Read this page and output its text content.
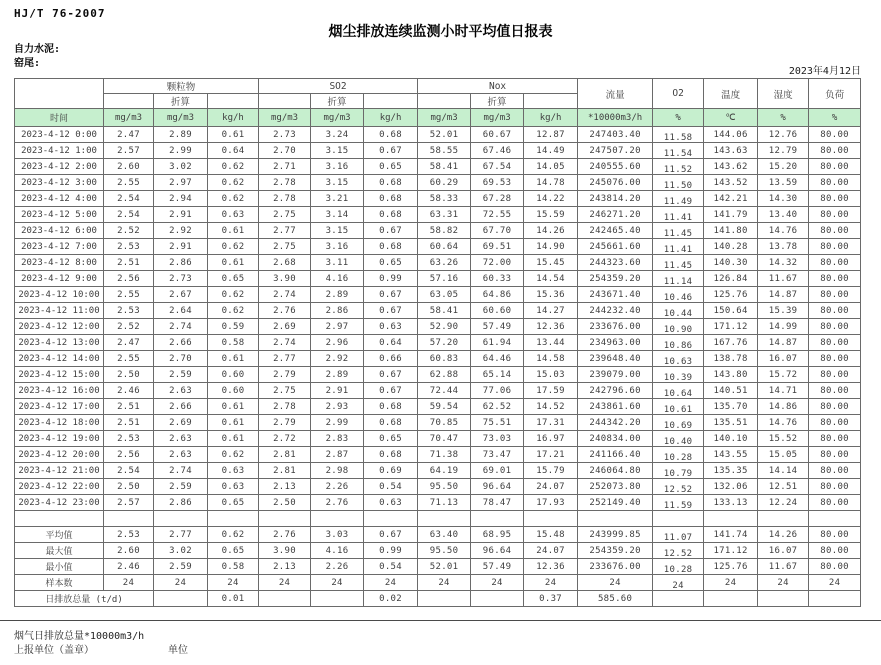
HJ/T 76-2007
烟尘排放连续监测小时平均值日报表
自力水泥:
窑尾:
2023年4月12日
	颗粒物			SO2			Nox			流量	O2	温度	湿度	负荷
		折算			折算			折算						
时间	mg/m3	mg/m3	kg/h	mg/m3	mg/m3	kg/h	mg/m3	mg/m3	kg/h	*10000m3/h	%	℃	%	%
2023-4-12 0:00	2.47	2.89	0.61	2.73	3.24	0.68	52.01	60.67	12.87	247403.40	11.58	144.06	12.76	80.00
2023-4-12 1:00	2.57	2.99	0.64	2.70	3.15	0.67	58.55	67.46	14.49	247507.20	11.54	143.63	12.79	80.00
2023-4-12 2:00	2.60	3.02	0.62	2.71	3.16	0.65	58.41	67.54	14.05	240555.60	11.52	143.62	15.20	80.00
2023-4-12 3:00	2.55	2.97	0.62	2.78	3.15	0.68	60.29	69.53	14.78	245076.00	11.50	143.52	13.59	80.00
2023-4-12 4:00	2.54	2.94	0.62	2.78	3.21	0.68	58.33	67.28	14.22	243814.20	11.49	142.21	14.30	80.00
2023-4-12 5:00	2.54	2.91	0.63	2.75	3.14	0.68	63.31	72.55	15.59	246271.20	11.41	141.79	13.40	80.00
2023-4-12 6:00	2.52	2.92	0.61	2.77	3.15	0.67	58.82	67.70	14.26	242465.40	11.45	141.80	14.76	80.00
2023-4-12 7:00	2.53	2.91	0.62	2.75	3.16	0.68	60.64	69.51	14.90	245661.60	11.41	140.28	13.78	80.00
2023-4-12 8:00	2.51	2.86	0.61	2.68	3.11	0.65	63.26	72.00	15.45	244323.60	11.45	140.30	14.32	80.00
2023-4-12 9:00	2.56	2.73	0.65	3.90	4.16	0.99	57.16	60.33	14.54	254359.20	11.14	126.84	11.67	80.00
2023-4-12 10:00	2.55	2.67	0.62	2.74	2.89	0.67	63.05	64.86	15.36	243671.40	10.46	125.76	14.87	80.00
2023-4-12 11:00	2.53	2.64	0.62	2.76	2.86	0.67	58.41	60.60	14.27	244232.40	10.44	150.64	15.39	80.00
2023-4-12 12:00	2.52	2.74	0.59	2.69	2.97	0.63	52.90	57.49	12.36	233676.00	10.90	171.12	14.99	80.00
2023-4-12 13:00	2.47	2.66	0.58	2.74	2.96	0.64	57.20	61.94	13.44	234963.00	10.86	167.76	14.87	80.00
2023-4-12 14:00	2.55	2.70	0.61	2.77	2.92	0.66	60.83	64.46	14.58	239648.40	10.63	138.78	16.07	80.00
2023-4-12 15:00	2.50	2.59	0.60	2.79	2.89	0.67	62.88	65.14	15.03	239079.00	10.39	143.80	15.72	80.00
2023-4-12 16:00	2.46	2.63	0.60	2.75	2.91	0.67	72.44	77.06	17.59	242796.60	10.64	140.51	14.71	80.00
2023-4-12 17:00	2.51	2.66	0.61	2.78	2.93	0.68	59.54	62.52	14.52	243861.60	10.61	135.70	14.86	80.00
2023-4-12 18:00	2.51	2.69	0.61	2.79	2.99	0.68	70.85	75.51	17.31	244342.20	10.69	135.51	14.76	80.00
2023-4-12 19:00	2.53	2.63	0.61	2.72	2.83	0.65	70.47	73.03	16.97	240834.00	10.40	140.10	15.52	80.00
2023-4-12 20:00	2.56	2.63	0.62	2.81	2.87	0.68	71.38	73.47	17.21	241166.40	10.28	143.55	15.05	80.00
2023-4-12 21:00	2.54	2.74	0.63	2.81	2.98	0.69	64.19	69.01	15.79	246064.80	10.79	135.35	14.14	80.00
2023-4-12 22:00	2.50	2.59	0.63	2.13	2.26	0.54	95.50	96.64	24.07	252073.80	12.52	132.06	12.51	80.00
2023-4-12 23:00	2.57	2.86	0.65	2.50	2.76	0.63	71.13	78.47	17.93	252149.40	11.59	133.13	12.24	80.00

平均值	2.53	2.77	0.62	2.76	3.03	0.67	63.40	68.95	15.48	243999.85	11.07	141.74	14.26	80.00
最大值	2.60	3.02	0.65	3.90	4.16	0.99	95.50	96.64	24.07	254359.20	12.52	171.12	16.07	80.00
最小值	2.46	2.59	0.58	2.13	2.26	0.54	52.01	57.49	12.36	233676.00	10.28	125.76	11.67	80.00
样本数	24	24	24	24	24	24	24	24	24	24	24	24	24	24
日排放总量 (t/d)			0.01			0.02			0.37	585.60				
烟气日排放总量*10000m3/h
上报单位（盖章）	单位
